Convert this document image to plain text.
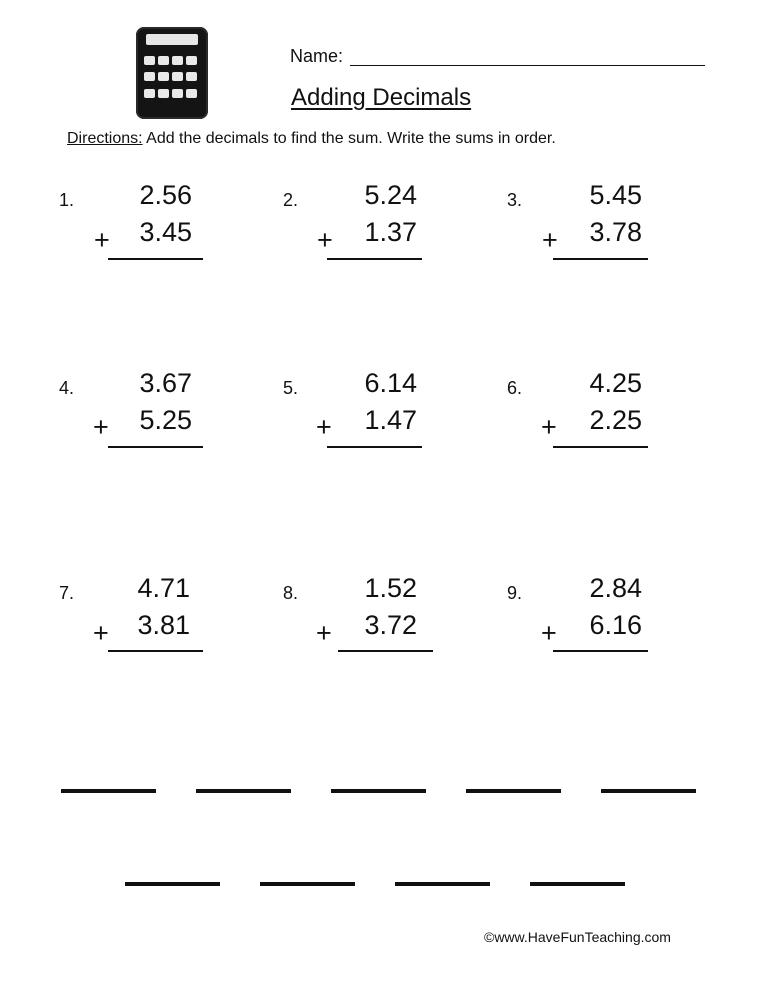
Name:
Adding Decimals
Directions: Add the decimals to find the sum. Write the sums in order.
1.	2.56
+	3.45
2.	5.24
+	1.37
3.	5.45
+	3.78
4.	3.67
+	5.25
5.	6.14
+	1.47
6.	4.25
+	2.25
7.	4.71
+	3.81
8.	1.52
+	3.72
9.	2.84
+	6.16
©www.HaveFunTeaching.com
